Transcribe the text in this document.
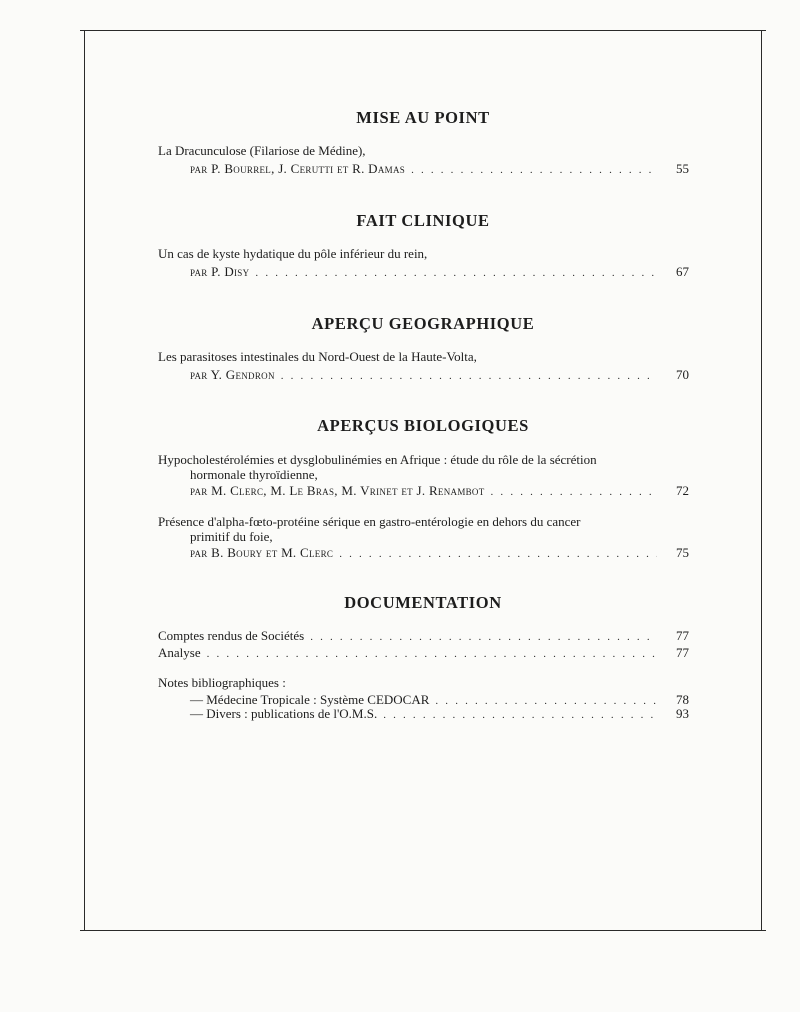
MISE AU POINT
La Dracunculose (Filariose de Médine),
par P. Bourrel, J. Cerutti et R. Damas . . .	55
FAIT CLINIQUE
Un cas de kyste hydatique du pôle inférieur du rein,
par P. Disy . . .	67
APERÇU GEOGRAPHIQUE
Les parasitoses intestinales du Nord-Ouest de la Haute-Volta,
par Y. Gendron . . .	70
APERÇUS BIOLOGIQUES
Hypocholestérolémies et dysglobulinémies en Afrique : étude du rôle de la sécrétion
hormonale thyroïdienne,
par M. Clerc, M. Le Bras, M. Vrinet et J. Renambot . . .	72
Présence d'alpha-fœto-protéine sérique en gastro-entérologie en dehors du cancer
primitif du foie,
par B. Boury et M. Clerc . . .	75
DOCUMENTATION
Comptes rendus de Sociétés . . .	77
Analyse . . .	77
Notes bibliographiques :
— Médecine Tropicale : Système CEDOCAR . . .	78
— Divers : publications de l'O.M.S. . . .	93
